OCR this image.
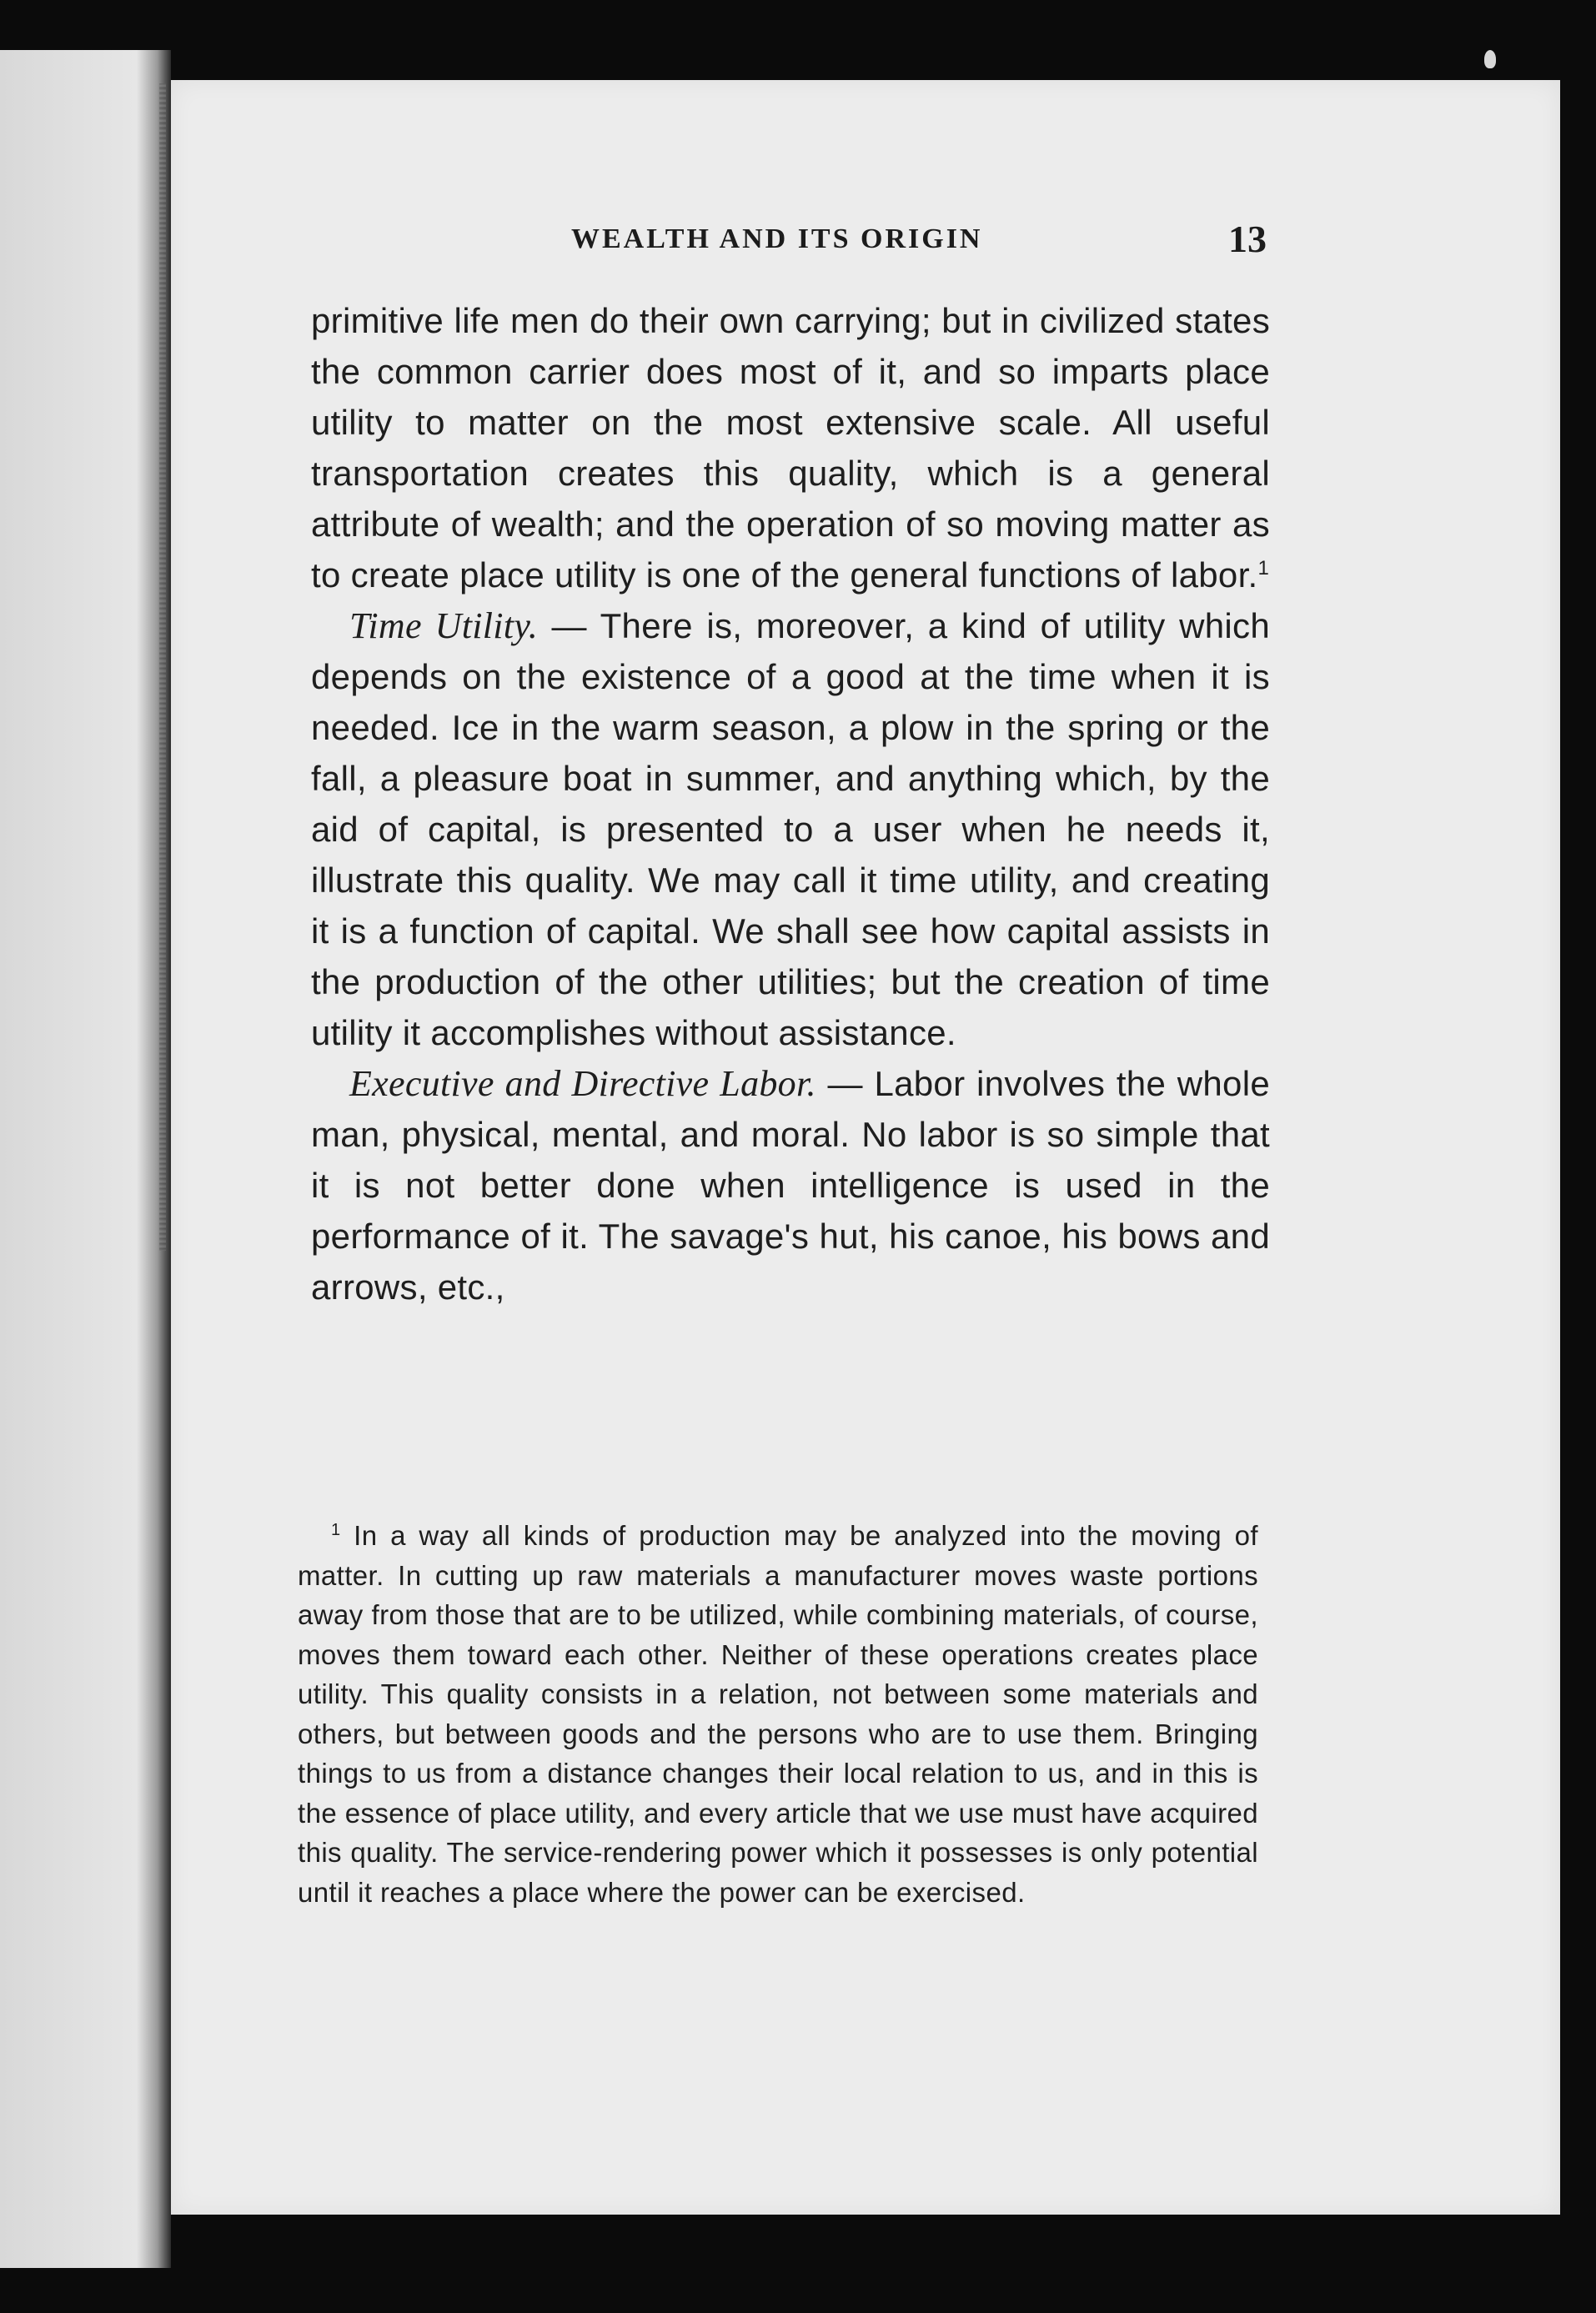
WEALTH AND ITS ORIGIN	13

primitive life men do their own carrying; but in civilized states the common carrier does most of it, and so imparts place utility to matter on the most extensive scale. All useful transportation creates this quality, which is a general attribute of wealth; and the operation of so moving matter as to create place utility is one of the general functions of labor.$^1$

Time Utility. — There is, moreover, a kind of utility which depends on the existence of a good at the time when it is needed. Ice in the warm season, a plow in the spring or the fall, a pleasure boat in summer, and anything which, by the aid of capital, is presented to a user when he needs it, illustrate this quality. We may call it time utility, and creating it is a function of capital. We shall see how capital assists in the production of the other utilities; but the creation of time utility it accomplishes without assistance.

Executive and Directive Labor. — Labor involves the whole man, physical, mental, and moral. No labor is so simple that it is not better done when intelligence is used in the performance of it. The savage's hut, his canoe, his bows and arrows, etc.,

$^1$ In a way all kinds of production may be analyzed into the moving of matter. In cutting up raw materials a manufacturer moves waste portions away from those that are to be utilized, while combining materials, of course, moves them toward each other. Neither of these operations creates place utility. This quality consists in a relation, not between some materials and others, but between goods and the persons who are to use them. Bringing things to us from a distance changes their local relation to us, and in this is the essence of place utility, and every article that we use must have acquired this quality. The service-rendering power which it possesses is only potential until it reaches a place where the power can be exercised.
